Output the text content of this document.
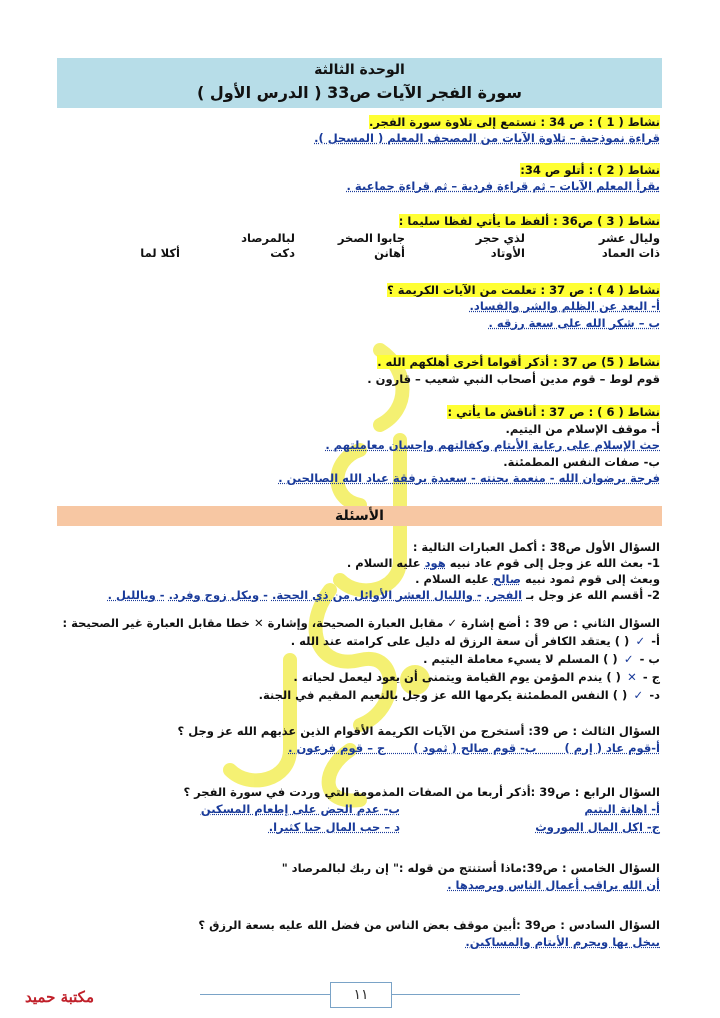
الوحدة الثالثة
( الدرس الأول ) سورة الفجر الآيات ص33
نشاط ( 1 ) : ص 34 : نستمع إلى تلاوة سورة الفجر.
قراءة نموذجية – تلاوة الآيات من المصحف المعلم ( المسجل ).
نشاط ( 2 ) : أتلو ص 34:
يقرأ المعلم الآيات – ثم قراءة فردية – ثم قراءة جماعية .
نشاط ( 3 ) ص36 : ألفظ ما يأتي لفظا سليما :
وليال عشر
لذي حجر
جابوا الصخر
لبالمرصاد
ذات العماد
الأوتاد
أهانن
دكت
أكلا لما
نشاط ( 4 ) : ص 37 : تعلمت من الآيات الكريمة ؟
أ- البعد عن الظلم والشر والفساد.
ب – شكر الله على سعة رزقه .
نشاط ( 5) ص 37 : أذكر أقواما أخرى أهلكهم الله .
قوم لوط – قوم مدين أصحاب النبي شعيب – قارون .
نشاط ( 6 ) : ص 37 : أناقش ما يأتي :
أ- موقف الإسلام من اليتيم.
حث الإسلام على رعاية الأيتام وكفالتهم وإحسان معاملتهم .
ب- صفات النفس المطمئنة.
فرحة برضوان الله - منعمة بجنته - سعيدة برفقة عباد الله الصالحين .
الأسئلة
السؤال الأول ص38 : أكمل العبارات التالية :
1- بعث الله عز وجل إلى قوم عاد نبيه هود عليه السلام .
وبعث إلى قوم ثمود نبيه صالح عليه السلام .
2- أقسم الله عز وجل بـ الفجر. - والليال العشر الأوائل من ذي الحجة. - وبكل زوج وفرد. - وبالليل .
السؤال الثاني : ص 39 : أضع إشارة ✓ مقابل العبارة الصحيحة، وإشارة ✕ خطا مقابل العبارة غير الصحيحة :
أ- ✓ ( ) يعتقد الكافر أن سعة الرزق له دليل على كرامته عند الله .
ب - ✓ ( ) المسلم لا يسيء معاملة اليتيم .
ج - ✕ ( ) يندم المؤمن يوم القيامة ويتمنى أن يعود ليعمل لحياته .
د- ✓ ( ) النفس المطمئنة يكرمها الله عز وجل بالنعيم المقيم في الجنة.
السؤال الثالث : ص 39: أستخرج من الآيات الكريمة الأقوام الذين عذبهم الله عز وجل ؟
أ-قوم عاد ( إرم )       ب- قوم صالح ( ثمود )       ج – قوم فرعون .
السؤال الرابع : ص39 :أذكر أربعا من الصفات المذمومة التي وردت في سورة الفجر ؟
أ- اهانة اليتيم
ب- عدم الحض على إطعام المسكين
ج- اكل المال الموروث
د – حب المال حبا كثيرا.
السؤال الخامس : ص39:ماذا أستنتج من قوله :" إن ربك لبالمرصاد "
أن الله يراقب أعمال الناس ويرصدها .
السؤال السادس : ص39 :أبين موقف بعض الناس من فضل الله عليه بسعة الرزق ؟
يبخل بها ويحرم الأيتام والمساكين.
١١
مكتبة حميد
